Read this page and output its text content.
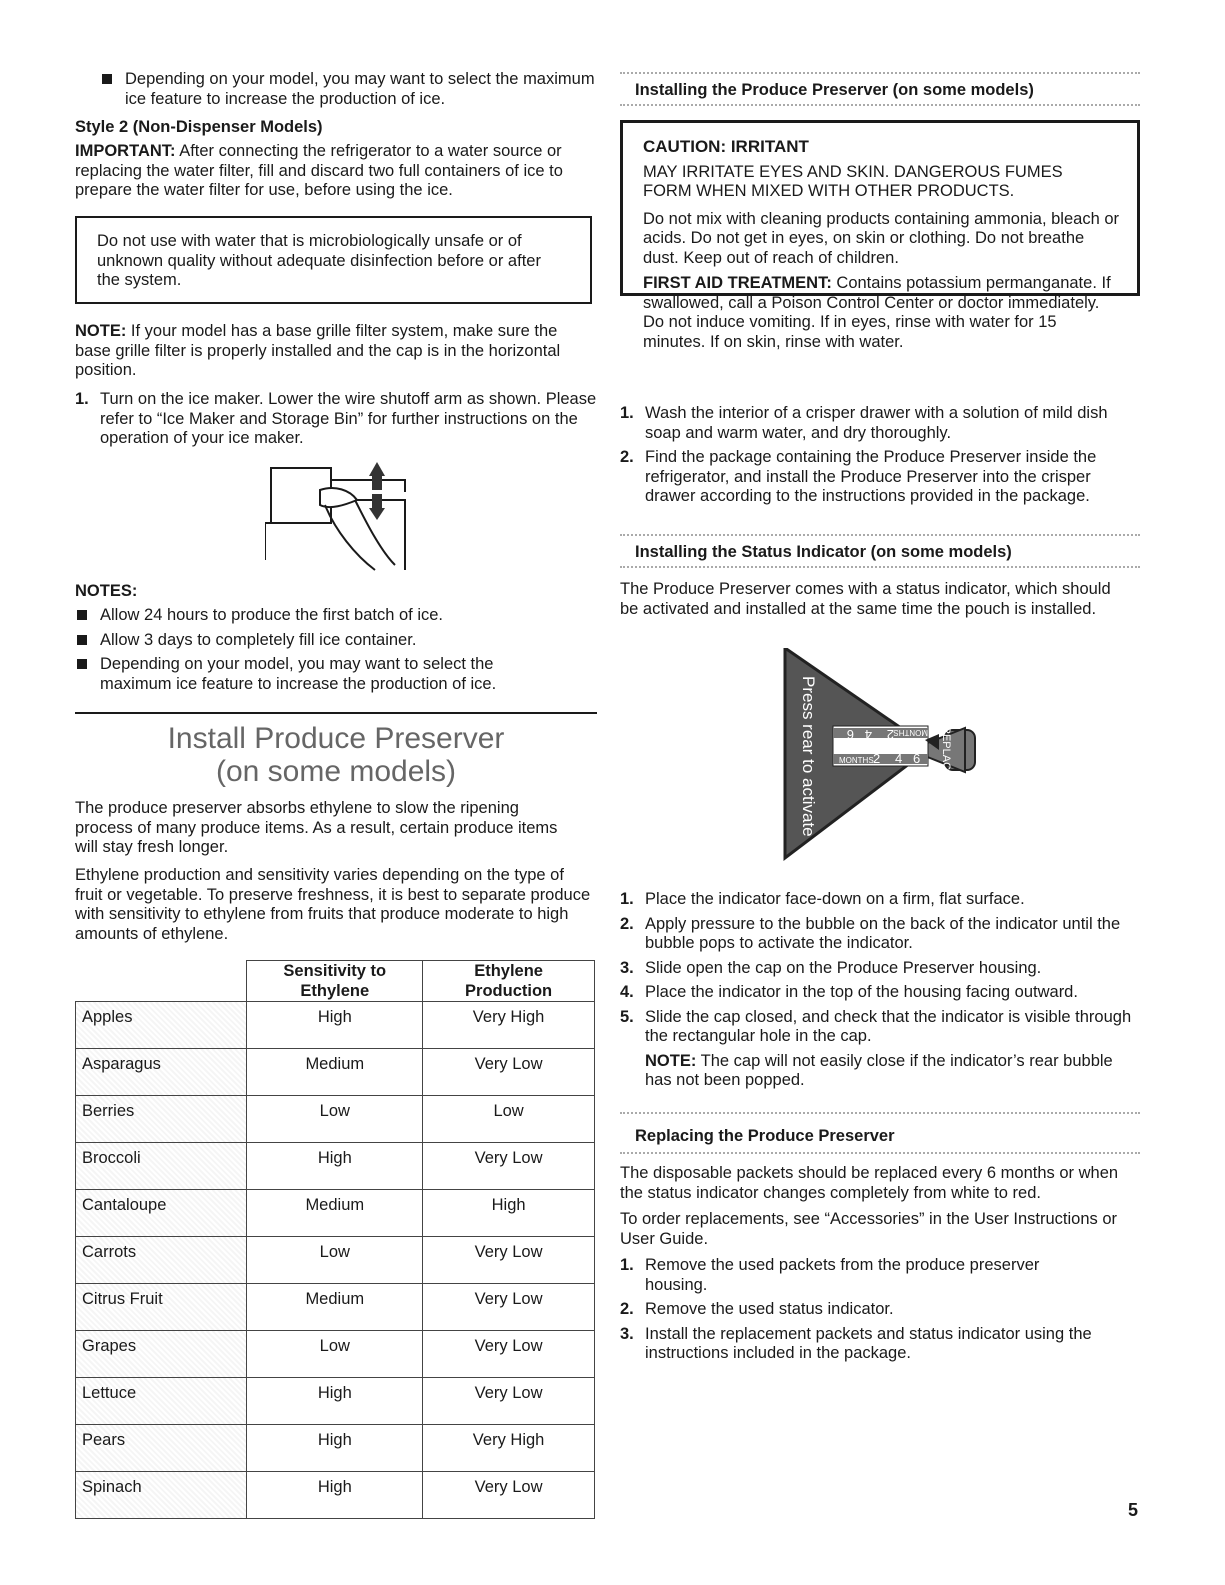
Depending on your model, you may want to select the maximum ice feature to increase the production of ice.

Style 2 (Non-Dispenser Models)

IMPORTANT: After connecting the refrigerator to a water source or replacing the water filter, fill and discard two full containers of ice to prepare the water filter for use, before using the ice.

Do not use with water that is microbiologically unsafe or of unknown quality without adequate disinfection before or after the system.

NOTE: If your model has a base grille filter system, make sure the base grille filter is properly installed and the cap is in the horizontal position.

1. Turn on the ice maker. Lower the wire shutoff arm as shown. Please refer to “Ice Maker and Storage Bin” for further instructions on the operation of your ice maker.

NOTES:

Allow 24 hours to produce the first batch of ice.
Allow 3 days to completely fill ice container.
Depending on your model, you may want to select the maximum ice feature to increase the production of ice.
Install Produce Preserver
(on some models)

The produce preserver absorbs ethylene to slow the ripening process of many produce items. As a result, certain produce items will stay fresh longer.

Ethylene production and sensitivity varies depending on the type of fruit or vegetable. To preserve freshness, it is best to separate produce with sensitivity to ethylene from fruits that produce moderate to high amounts of ethylene.

	Sensitivity to Ethylene	Ethylene Production
Apples	High	Very High
Asparagus	Medium	Very Low
Berries	Low	Low
Broccoli	High	Very Low
Cantaloupe	Medium	High
Carrots	Low	Very Low
Citrus Fruit	Medium	Very Low
Grapes	Low	Very Low
Lettuce	High	Very Low
Pears	High	Very High
Spinach	High	Very Low

Installing the Produce Preserver (on some models)

CAUTION: IRRITANT

MAY IRRITATE EYES AND SKIN. DANGEROUS FUMES FORM WHEN MIXED WITH OTHER PRODUCTS.

Do not mix with cleaning products containing ammonia, bleach or acids. Do not get in eyes, on skin or clothing. Do not breathe dust. Keep out of reach of children.

FIRST AID TREATMENT: Contains potassium permanganate. If swallowed, call a Poison Control Center or doctor immediately. Do not induce vomiting. If in eyes, rinse with water for 15 minutes. If on skin, rinse with water.

1. Wash the interior of a crisper drawer with a solution of mild dish soap and warm water, and dry thoroughly.
2. Find the package containing the Produce Preserver inside the refrigerator, and install the Produce Preserver into the crisper drawer according to the instructions provided in the package.

Installing the Status Indicator (on some models)

The Produce Preserver comes with a status indicator, which should be activated and installed at the same time the pouch is installed.

Press rear to activate	REPLACE
MONTHS 2 4 6
MONTHS
2
4
6
1. Place the indicator face-down on a firm, flat surface.
2. Apply pressure to the bubble on the back of the indicator until the bubble pops to activate the indicator.
3. Slide open the cap on the Produce Preserver housing.
4. Place the indicator in the top of the housing facing outward.
5. Slide the cap closed, and check that the indicator is visible through the rectangular hole in the cap.

NOTE: The cap will not easily close if the indicator’s rear bubble has not been popped.

Replacing the Produce Preserver

The disposable packets should be replaced every 6 months or when the status indicator changes completely from white to red.

To order replacements, see “Accessories” in the User Instructions or User Guide.

1. Remove the used packets from the produce preserver housing.
2. Remove the used status indicator.
3. Install the replacement packets and status indicator using the instructions included in the package.

5
